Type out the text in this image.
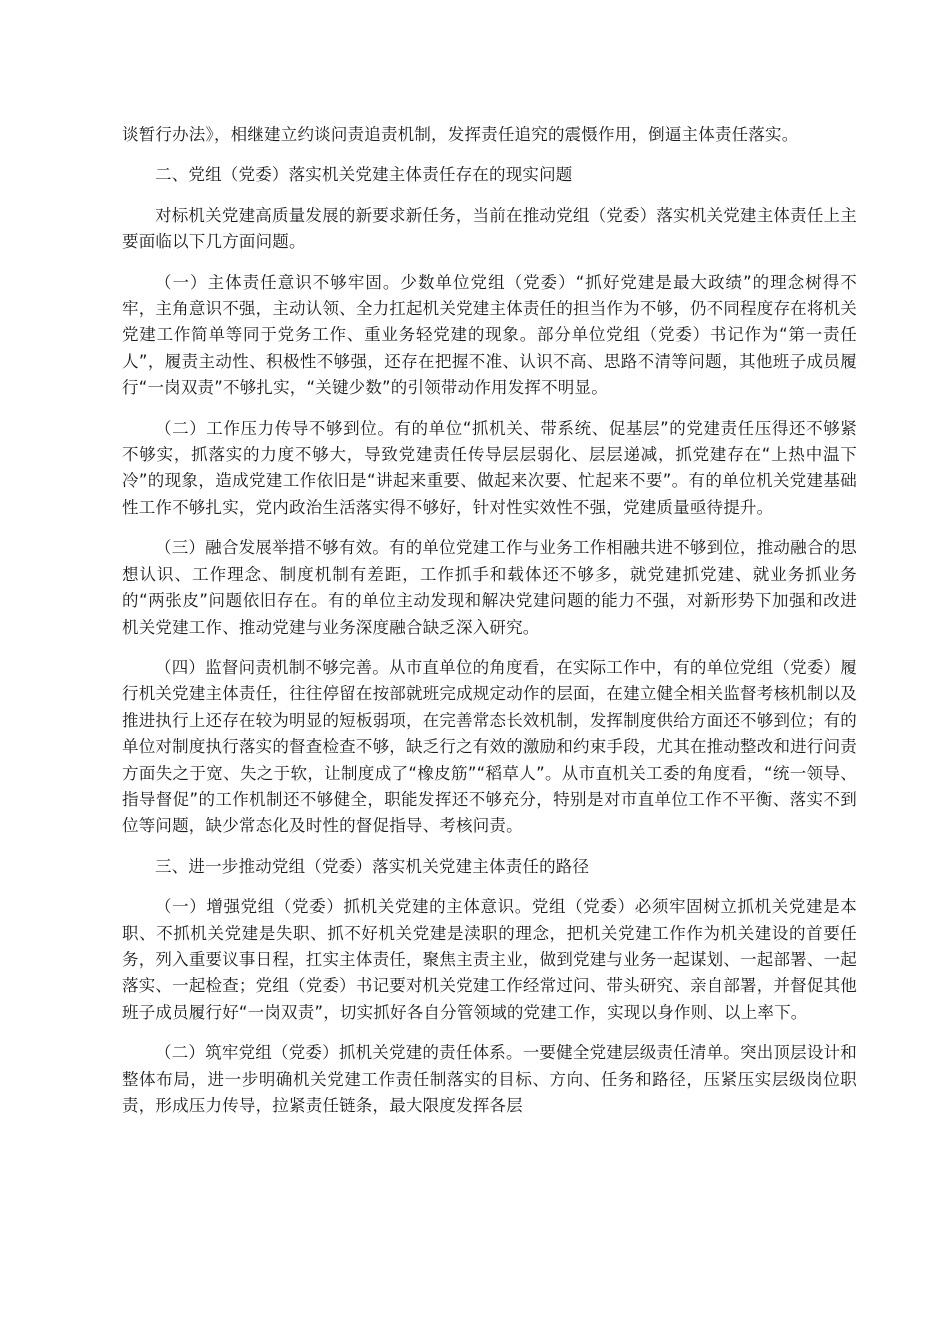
谈暂行办法》，相继建立约谈问责追责机制，发挥责任追究的震慑作用，倒逼主体责任落实。

二、党组（党委）落实机关党建主体责任存在的现实问题

对标机关党建高质量发展的新要求新任务，当前在推动党组（党委）落实机关党建主体责任上主要面临以下几方面问题。

（一）主体责任意识不够牢固。少数单位党组（党委）“抓好党建是最大政绩”的理念树得不牢，主角意识不强，主动认领、全力扛起机关党建主体责任的担当作为不够，仍不同程度存在将机关党建工作简单等同于党务工作、重业务轻党建的现象。部分单位党组（党委）书记作为“第一责任人”，履责主动性、积极性不够强，还存在把握不准、认识不高、思路不清等问题，其他班子成员履行“一岗双责”不够扎实，“关键少数”的引领带动作用发挥不明显。

（二）工作压力传导不够到位。有的单位“抓机关、带系统、促基层”的党建责任压得还不够紧不够实，抓落实的力度不够大，导致党建责任传导层层弱化、层层递减，抓党建存在“上热中温下冷”的现象，造成党建工作依旧是“讲起来重要、做起来次要、忙起来不要”。有的单位机关党建基础性工作不够扎实，党内政治生活落实得不够好，针对性实效性不强，党建质量亟待提升。

（三）融合发展举措不够有效。有的单位党建工作与业务工作相融共进不够到位，推动融合的思想认识、工作理念、制度机制有差距，工作抓手和载体还不够多，就党建抓党建、就业务抓业务的“两张皮”问题依旧存在。有的单位主动发现和解决党建问题的能力不强，对新形势下加强和改进机关党建工作、推动党建与业务深度融合缺乏深入研究。

（四）监督问责机制不够完善。从市直单位的角度看，在实际工作中，有的单位党组（党委）履行机关党建主体责任，往往停留在按部就班完成规定动作的层面，在建立健全相关监督考核机制以及推进执行上还存在较为明显的短板弱项，在完善常态长效机制，发挥制度供给方面还不够到位；有的单位对制度执行落实的督查检查不够，缺乏行之有效的激励和约束手段，尤其在推动整改和进行问责方面失之于宽、失之于软，让制度成了“橡皮筋”“稻草人”。从市直机关工委的角度看，“统一领导、指导督促”的工作机制还不够健全，职能发挥还不够充分，特别是对市直单位工作不平衡、落实不到位等问题，缺少常态化及时性的督促指导、考核问责。

三、进一步推动党组（党委）落实机关党建主体责任的路径

（一）增强党组（党委）抓机关党建的主体意识。党组（党委）必须牢固树立抓机关党建是本职、不抓机关党建是失职、抓不好机关党建是渎职的理念，把机关党建工作作为机关建设的首要任务，列入重要议事日程，扛实主体责任，聚焦主责主业，做到党建与业务一起谋划、一起部署、一起落实、一起检查；党组（党委）书记要对机关党建工作经常过问、带头研究、亲自部署，并督促其他班子成员履行好“一岗双责”，切实抓好各自分管领域的党建工作，实现以身作则、以上率下。

（二）筑牢党组（党委）抓机关党建的责任体系。一要健全党建层级责任清单。突出顶层设计和整体布局，进一步明确机关党建工作责任制落实的目标、方向、任务和路径，压紧压实层级岗位职责，形成压力传导，拉紧责任链条，最大限度发挥各层
